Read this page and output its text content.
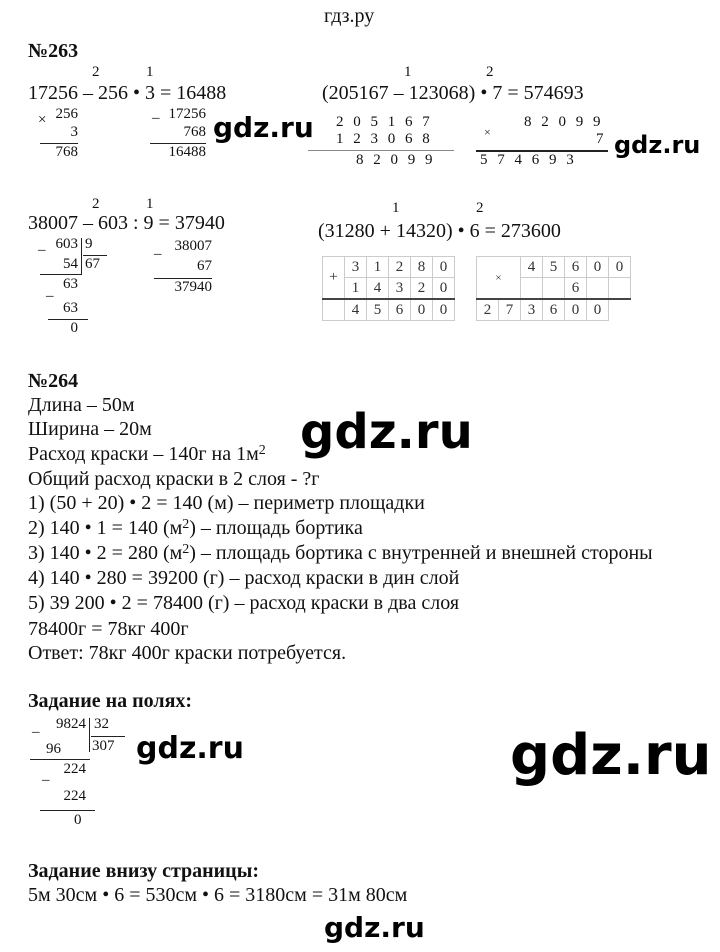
гдз.ру
№263
2	1
17256 – 256 • 3 = 16488
× 256
3
768
– 17256
768
16488
1	2
(205167 – 123068) • 7 = 574693
2 0 5 1 6 7
1 2 3 0 6 8
8 2 0 9 9
×
8 2 0 9 9
7
5 7 4 6 9 3
2	1
38007 – 603 : 9 = 37940
– 603 9
67
54
63
–
63
0
– 38007
67
37940
1	2
(31280 + 14320) • 6 = 273600
+	3	1	2	8	0
	1	4	3	2	0
	4	5	6	0	0
×		4	5	6	0	0
				6		
2	7	3	6	0	0	
№264
Длина – 50м
Ширина – 20м
Расход краски – 140г на $1м^2$
Общий расход краски в 2 слоя - ?г
1) (50 + 20) • 2 = 140 (м) – периметр площадки
2) 140 • 1 = 140 $(м^2)$ – площадь бортика
3) 140 • 2 = 280 $(м^2)$ – площадь бортика с внутренней и внешней стороны
4) 140 • 280 = 39200 (г) – расход краски в дин слой
5) 39 200 • 2 = 78400 (г) – расход краски в два слоя
78400г = 78кг 400г
Ответ: 78кг 400г краски потребуется.
Задание на полях:
– 9824 32
307
96
224
–
224
0
Задание внизу страницы:
5м 30см • 6 = 530см • 6 = 3180см = 31м 80см
gdz.ru
gdz.ru
gdz.ru
gdz.ru	gdz.ru
gdz.ru
